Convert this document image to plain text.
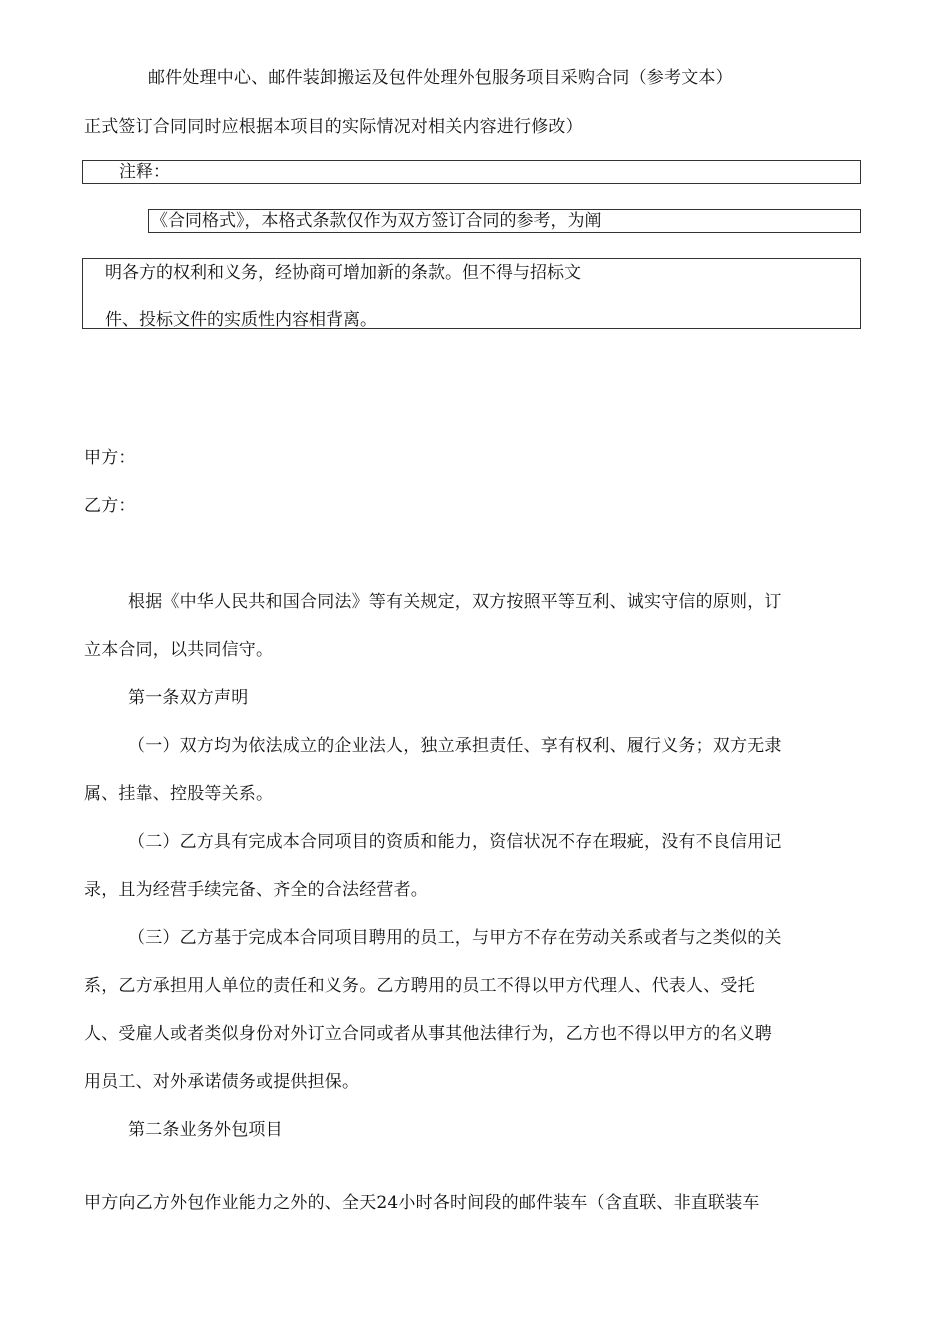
邮件处理中心、邮件装卸搬运及包件处理外包服务项目采购合同（参考文本）
正式签订合同同时应根据本项目的实际情况对相关内容进行修改）
注释：
《合同格式》，本格式条款仅作为双方签订合同的参考，为阐
明各方的权利和义务，经协商可增加新的条款。但不得与招标文
件、投标文件的实质性内容相背离。
甲方：
乙方：
根据《中华人民共和国合同法》等有关规定，双方按照平等互利、诚实守信的原则，订
立本合同，以共同信守。
第一条双方声明
（一）双方均为依法成立的企业法人，独立承担责任、享有权利、履行义务；双方无隶
属、挂靠、控股等关系。
（二）乙方具有完成本合同项目的资质和能力，资信状况不存在瑕疵，没有不良信用记
录，且为经营手续完备、齐全的合法经营者。
（三）乙方基于完成本合同项目聘用的员工，与甲方不存在劳动关系或者与之类似的关
系，乙方承担用人单位的责任和义务。乙方聘用的员工不得以甲方代理人、代表人、受托
人、受雇人或者类似身份对外订立合同或者从事其他法律行为，乙方也不得以甲方的名义聘
用员工、对外承诺债务或提供担保。
第二条业务外包项目
甲方向乙方外包作业能力之外的、全天24小时各时间段的邮件装车（含直联、非直联装车
